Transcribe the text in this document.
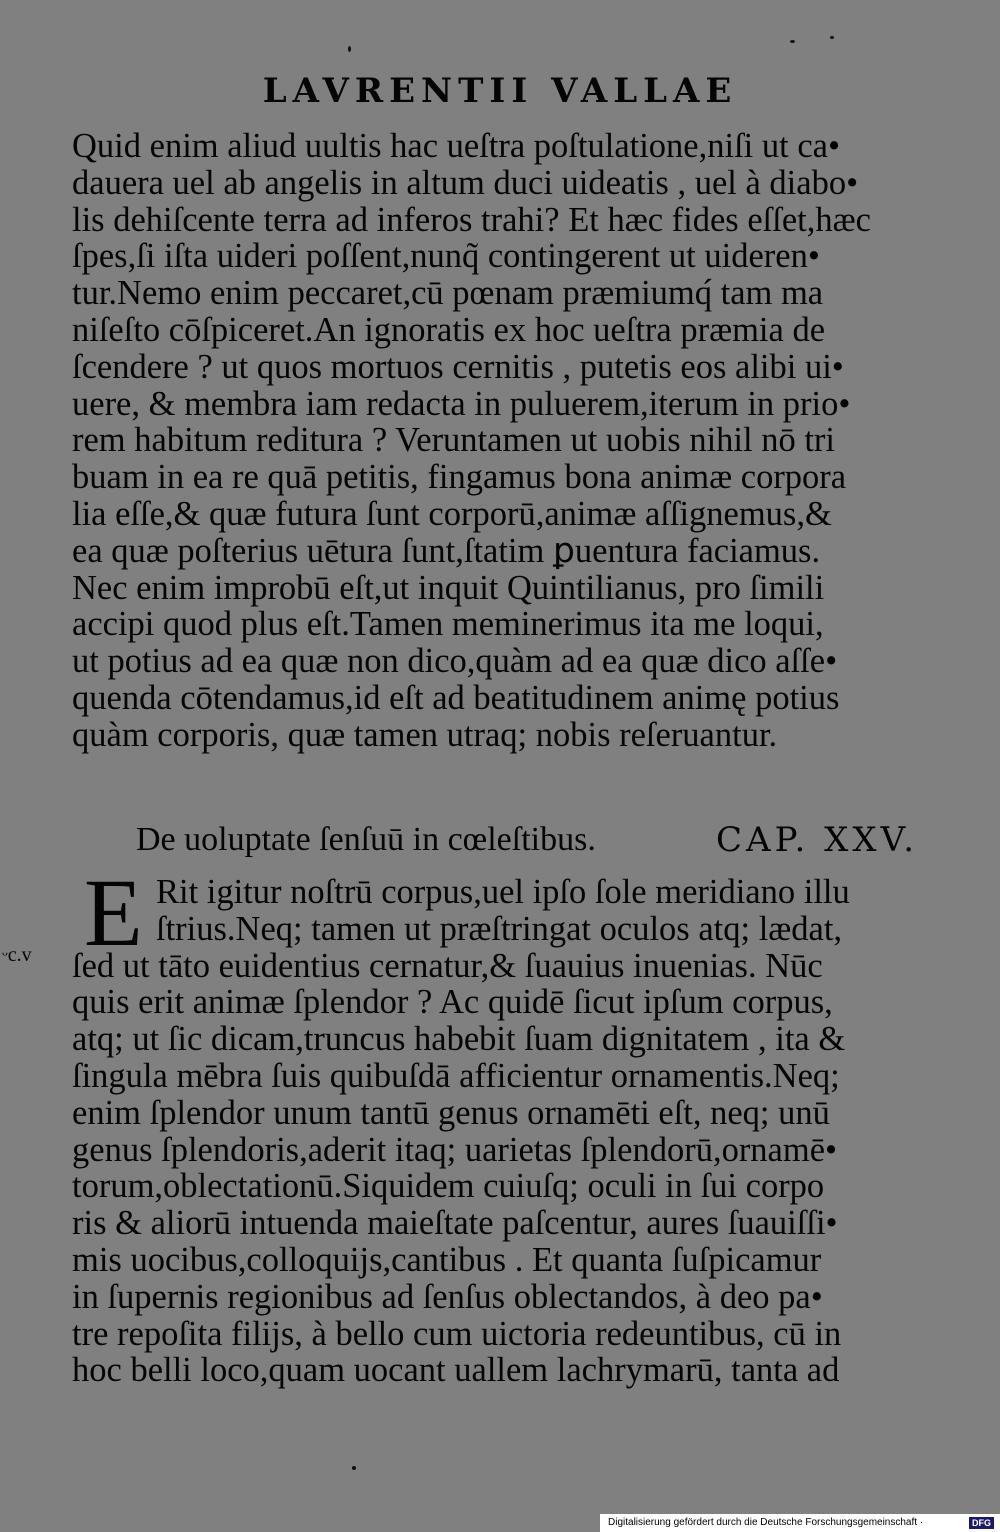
LAVRENTII VALLAE
Quid enim aliud uultis hac ueſtra poſtulatione,niſi ut ca•
dauera uel ab angelis in altum duci uideatis , uel à diabo•
lis dehiſcente terra ad inferos trahi? Et hæc fides eſſet,hæc
ſpes,ſi iſta uideri poſſent,nunq̃ contingerent ut uideren•
tur.Nemo enim peccaret,cū pœnam præmiumq́ tam ma
niſeſto cōſpiceret.An ignoratis ex hoc ueſtra præmia de
ſcendere ? ut quos mortuos cernitis , putetis eos alibi ui•
uere, & membra iam redacta in puluerem,iterum in prio•
rem habitum reditura ? Veruntamen ut uobis nihil nō tri
buam in ea re quā petitis, fingamus bona animæ corpora
lia eſſe,& quæ futura ſunt corporū,animæ aſſignemus,&
ea quæ poſterius uētura ſunt,ſtatim ꝑuentura faciamus.
Nec enim improbū eſt,ut inquit Quintilianus, pro ſimili
accipi quod plus eſt.Tamen meminerimus ita me loqui,
ut potius ad ea quæ non dico,quàm ad ea quæ dico aſſe•
quenda cōtendamus,id eſt ad beatitudinem animę potius
quàm corporis, quæ tamen utraq; nobis reſeruantur.
De uoluptate ſenſuū in cœleſtibus.	CAP. XXV.
E Rit igitur noſtrū corpus,uel ipſo ſole meridiano illu
ſtrius.Neq; tamen ut præſtringat oculos atq; lædat,
ſed ut tāto euidentius cernatur,& ſuauius inuenias. Nūc
quis erit animæ ſplendor ? Ac quidē ſicut ipſum corpus,
atq; ut ſic dicam,truncus habebit ſuam dignitatem , ita &
ſingula mēbra ſuis quibuſdā afficientur ornamentis.Neq;
enim ſplendor unum tantū genus ornamēti eſt, neq; unū
genus ſplendoris,aderit itaq; uarietas ſplendorū,ornamē•
torum,oblectationū.Siquidem cuiuſq; oculi in ſui corpo
ris & aliorū intuenda maieſtate paſcentur, aures ſuauiſſi•
mis uocibus,colloquijs,cantibus . Et quanta ſuſpicamur
in ſupernis regionibus ad ſenſus oblectandos, à deo pa•
tre repoſita filijs, à bello cum uictoria redeuntibus, cū in
hoc belli loco,quam uocant uallem lachrymarū, tanta ad
ᵕc.v
Digitalisierung gefördert durch die Deutsche Forschungsgemeinschaft ·	DFG
